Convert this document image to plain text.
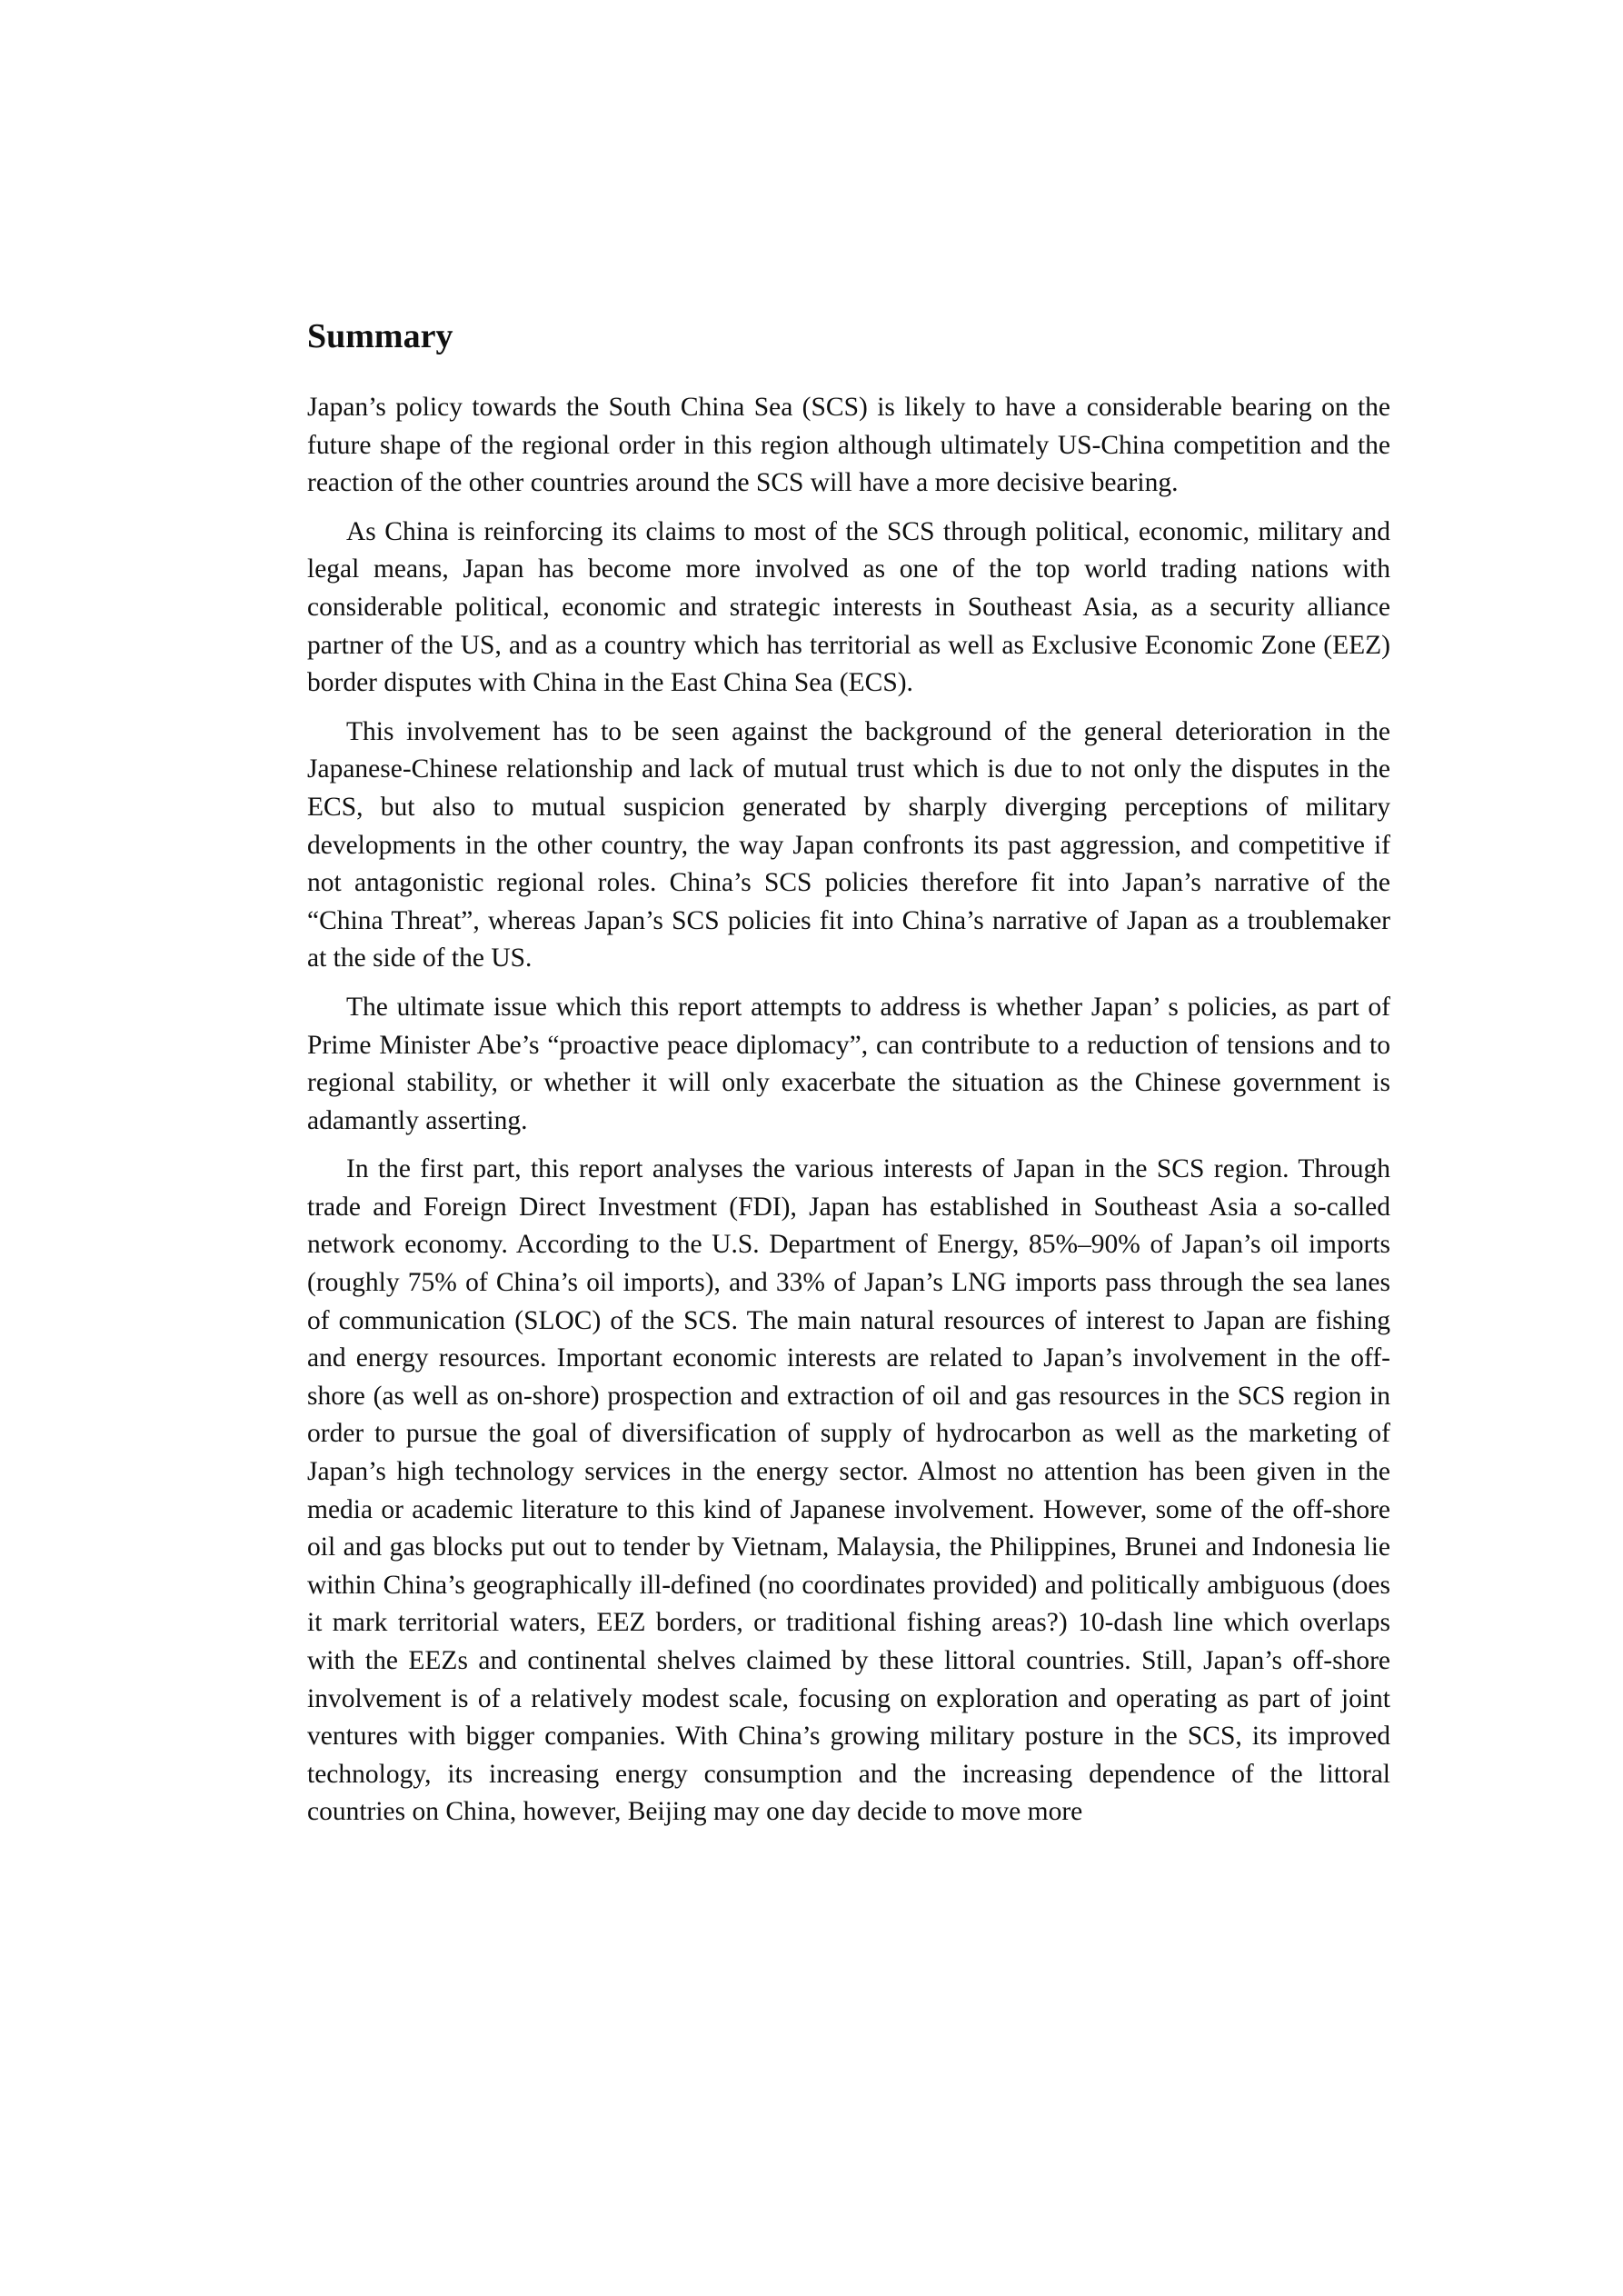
Summary

Japan’s policy towards the South China Sea (SCS) is likely to have a considerable bearing on the future shape of the regional order in this region although ultimately US-China competition and the reaction of the other countries around the SCS will have a more decisive bearing.

As China is reinforcing its claims to most of the SCS through political, economic, military and legal means, Japan has become more involved as one of the top world trading nations with considerable political, economic and strategic interests in Southeast Asia, as a security alliance partner of the US, and as a country which has territorial as well as Exclusive Economic Zone (EEZ) border disputes with China in the East China Sea (ECS).

This involvement has to be seen against the background of the general deterioration in the Japanese-Chinese relationship and lack of mutual trust which is due to not only the disputes in the ECS, but also to mutual suspicion generated by sharply diverging perceptions of military developments in the other country, the way Japan confronts its past aggression, and competitive if not antagonistic regional roles. China’s SCS policies therefore fit into Japan’s narrative of the “China Threat”, whereas Japan’s SCS policies fit into China’s narrative of Japan as a troublemaker at the side of the US.

The ultimate issue which this report attempts to address is whether Japan’ s policies, as part of Prime Minister Abe’s “proactive peace diplomacy”, can contribute to a reduction of tensions and to regional stability, or whether it will only exacerbate the situation as the Chinese government is adamantly asserting.

In the first part, this report analyses the various interests of Japan in the SCS region. Through trade and Foreign Direct Investment (FDI), Japan has established in Southeast Asia a so-called network economy. According to the U.S. Department of Energy, 85%–90% of Japan’s oil imports (roughly 75% of China’s oil imports), and 33% of Japan’s LNG imports pass through the sea lanes of communication (SLOC) of the SCS. The main natural resources of interest to Japan are fishing and energy resources. Important economic interests are related to Japan’s involvement in the off-shore (as well as on-shore) prospection and extraction of oil and gas resources in the SCS region in order to pursue the goal of diversification of supply of hydrocarbon as well as the marketing of Japan’s high technology services in the energy sector. Almost no attention has been given in the media or academic literature to this kind of Japanese involvement. However, some of the off-shore oil and gas blocks put out to tender by Vietnam, Malaysia, the Philippines, Brunei and Indonesia lie within China’s geographically ill-defined (no coordinates provided) and politically ambiguous (does it mark territorial waters, EEZ borders, or traditional fishing areas?) 10-dash line which overlaps with the EEZs and continental shelves claimed by these littoral countries. Still, Japan’s off-shore involvement is of a relatively modest scale, focusing on exploration and operating as part of joint ventures with bigger companies. With China’s growing military posture in the SCS, its improved technology, its increasing energy consumption and the increasing dependence of the littoral countries on China, however, Beijing may one day decide to move more
